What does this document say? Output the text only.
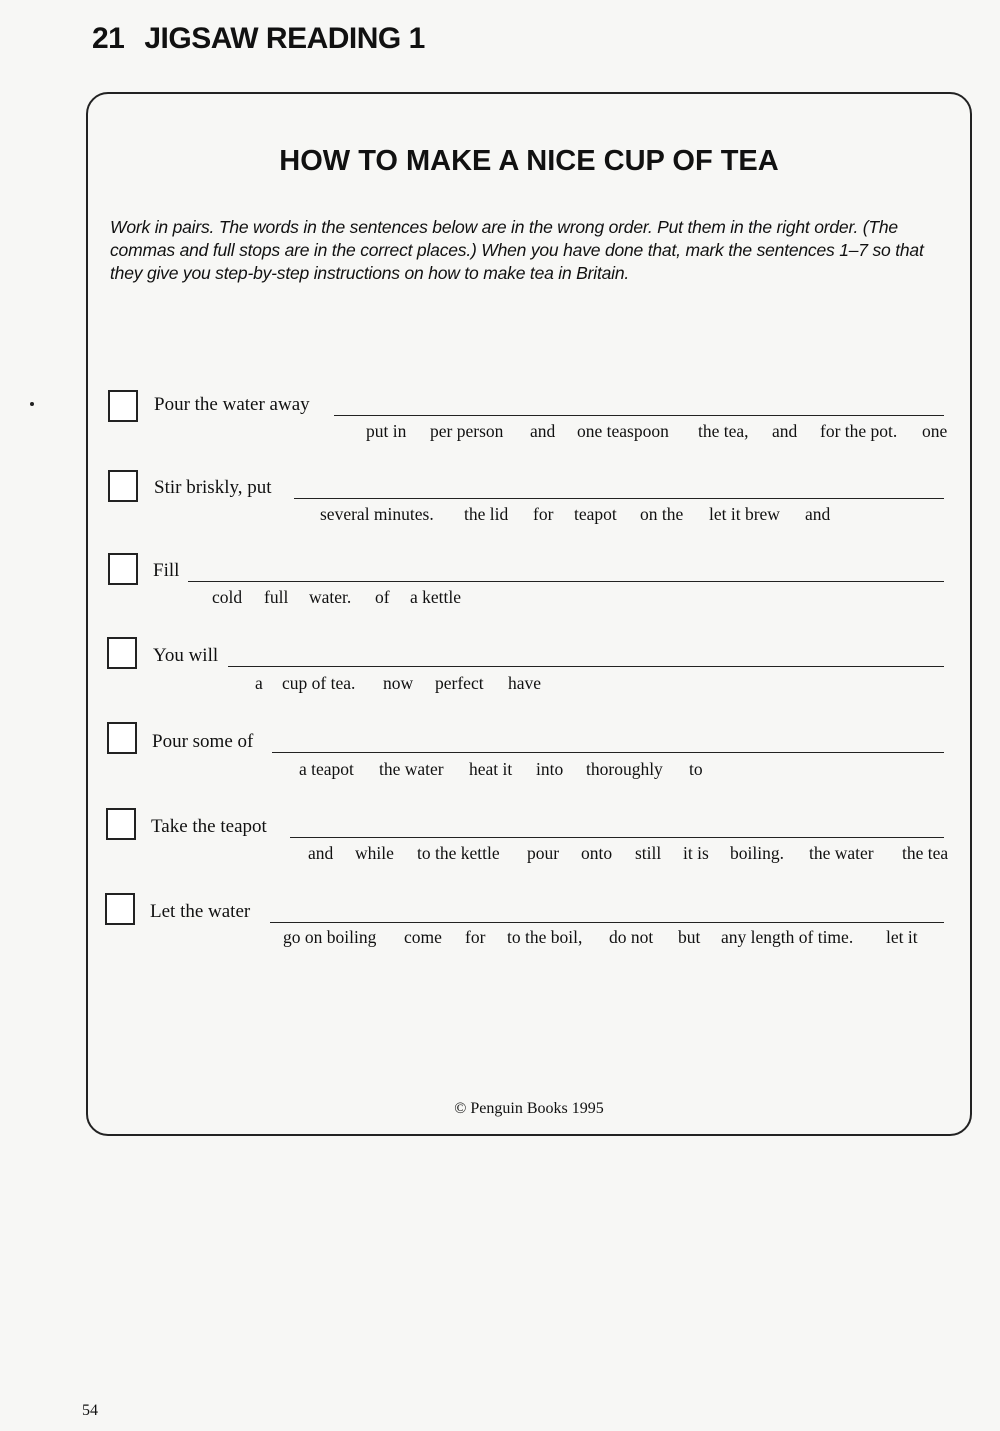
21 JIGSAW READING 1
HOW TO MAKE A NICE CUP OF TEA
Work in pairs. The words in the sentences below are in the wrong order. Put them in the right order. (The commas and full stops are in the correct places.) When you have done that, mark the sentences 1–7 so that they give you step-by-step instructions on how to make tea in Britain.
Pour the water away
put in per person and one teaspoon the tea, and for the pot. one
Stir briskly, put
several minutes. the lid for teapot on the let it brew and
Fill
cold full water. of a kettle
You will
a cup of tea. now perfect have
Pour some of
a teapot the water heat it into thoroughly to
Take the teapot
and while to the kettle pour onto still it is boiling. the water the tea
Let the water
go on boiling come for to the boil, do not but any length of time. let it
© Penguin Books 1995
54
